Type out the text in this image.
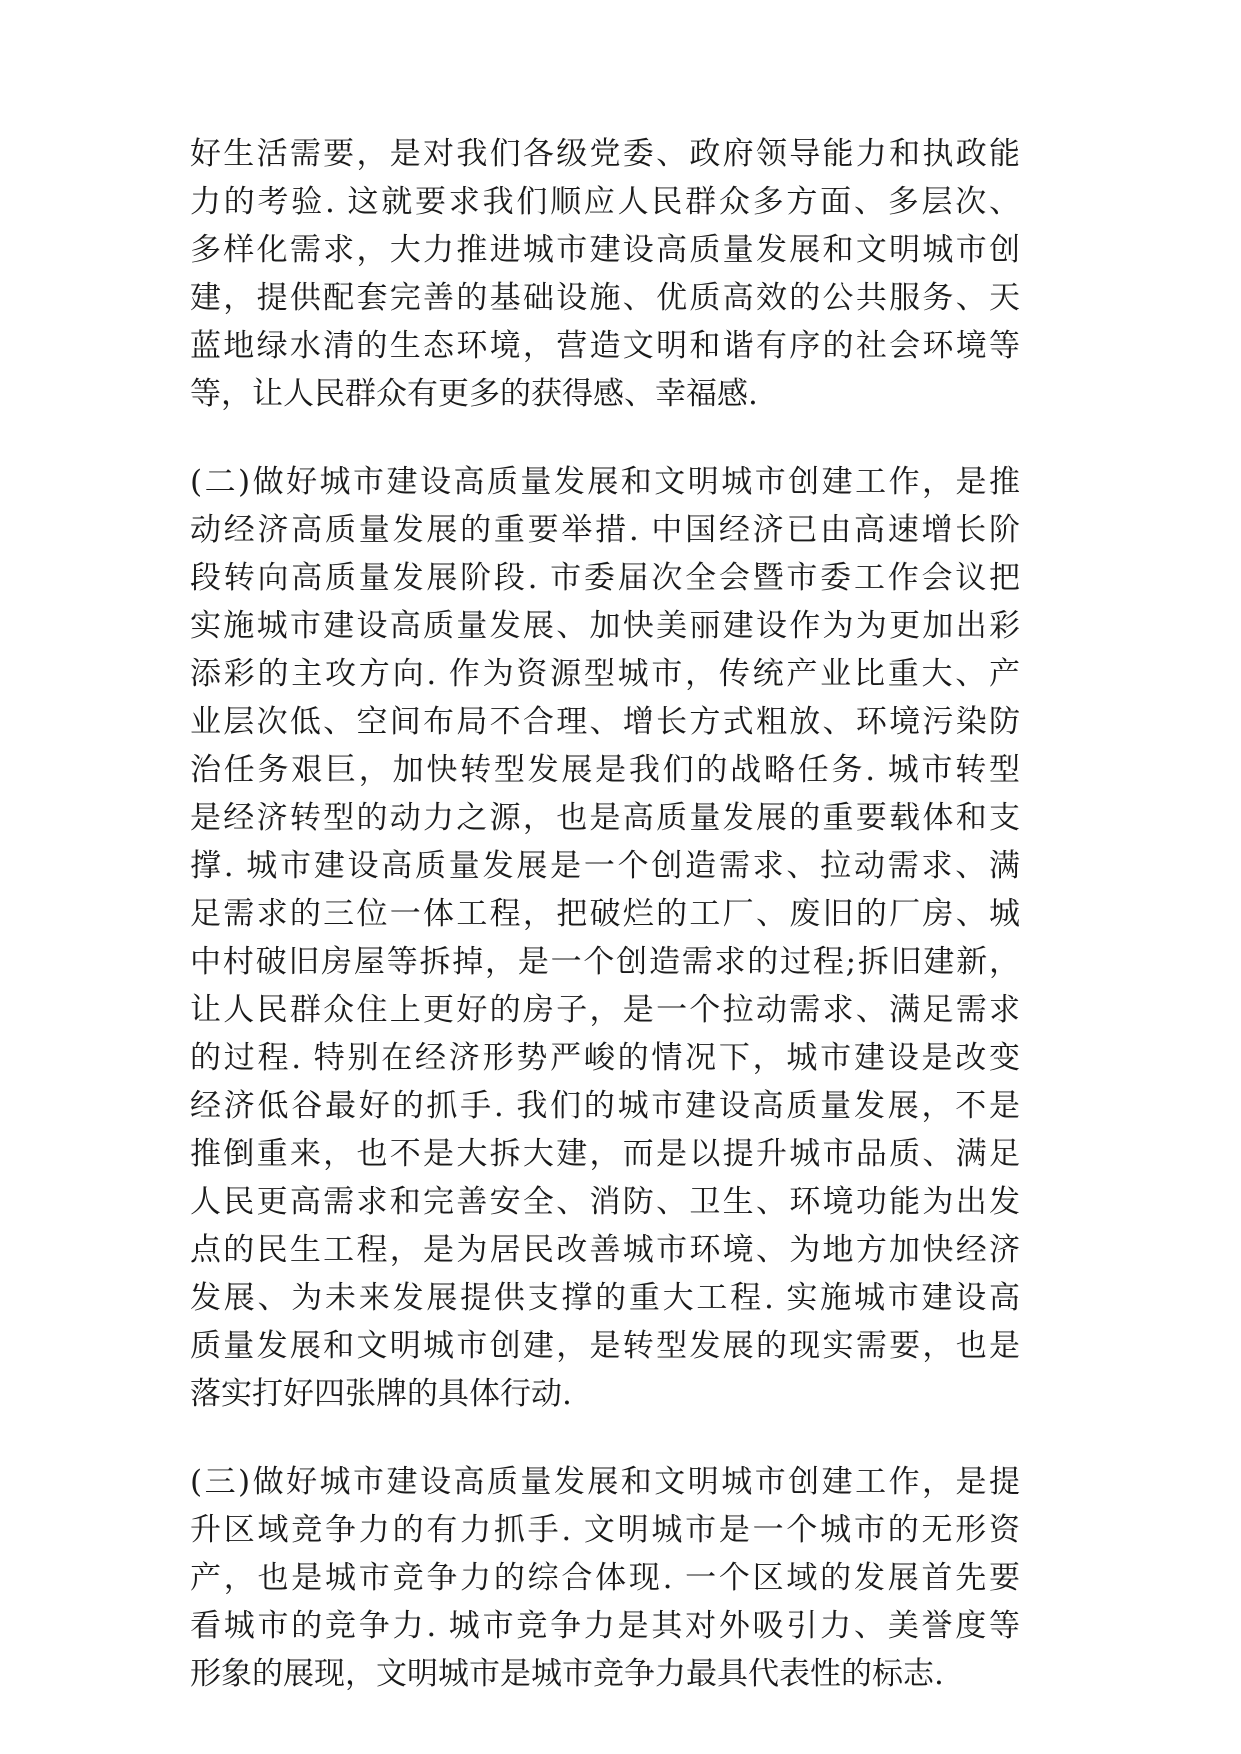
好生活需要，是对我们各级党委、政府领导能力和执政能
力的考验. 这就要求我们顺应人民群众多方面、多层次、
多样化需求，大力推进城市建设高质量发展和文明城市创
建，提供配套完善的基础设施、优质高效的公共服务、天
蓝地绿水清的生态环境，营造文明和谐有序的社会环境等
等，让人民群众有更多的获得感、幸福感.
(二)做好城市建设高质量发展和文明城市创建工作，是推
动经济高质量发展的重要举措. 中国经济已由高速增长阶
段转向高质量发展阶段. 市委届次全会暨市委工作会议把
实施城市建设高质量发展、加快美丽建设作为为更加出彩
添彩的主攻方向. 作为资源型城市，传统产业比重大、产
业层次低、空间布局不合理、增长方式粗放、环境污染防
治任务艰巨，加快转型发展是我们的战略任务. 城市转型
是经济转型的动力之源，也是高质量发展的重要载体和支
撑. 城市建设高质量发展是一个创造需求、拉动需求、满
足需求的三位一体工程，把破烂的工厂、废旧的厂房、城
中村破旧房屋等拆掉，是一个创造需求的过程;拆旧建新，
让人民群众住上更好的房子，是一个拉动需求、满足需求
的过程. 特别在经济形势严峻的情况下，城市建设是改变
经济低谷最好的抓手. 我们的城市建设高质量发展，不是
推倒重来，也不是大拆大建，而是以提升城市品质、满足
人民更高需求和完善安全、消防、卫生、环境功能为出发
点的民生工程，是为居民改善城市环境、为地方加快经济
发展、为未来发展提供支撑的重大工程. 实施城市建设高
质量发展和文明城市创建，是转型发展的现实需要，也是
落实打好四张牌的具体行动.
(三)做好城市建设高质量发展和文明城市创建工作，是提
升区域竞争力的有力抓手. 文明城市是一个城市的无形资
产，也是城市竞争力的综合体现. 一个区域的发展首先要
看城市的竞争力. 城市竞争力是其对外吸引力、美誉度等
形象的展现，文明城市是城市竞争力最具代表性的标志.
